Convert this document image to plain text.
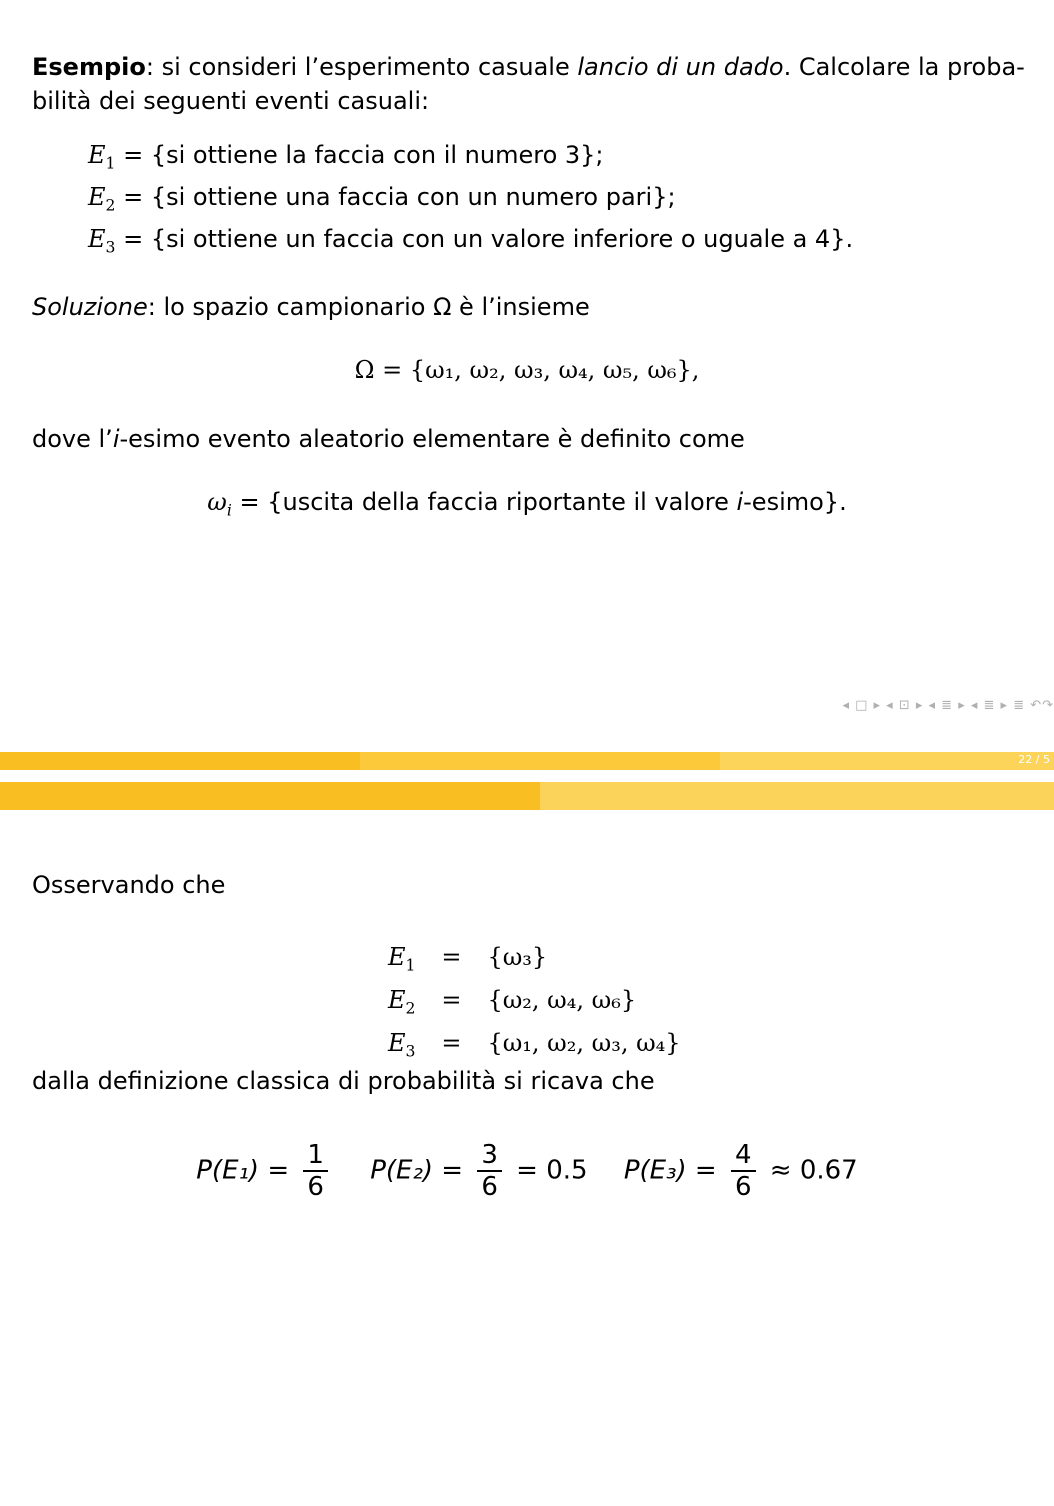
Esempio: si consideri l’esperimento casuale lancio di un dado. Calcolare la proba-
bilità dei seguenti eventi casuali:
$E_1 = \{si$ ottiene la faccia con il numero 3};
$E_2 = \{si$ ottiene una faccia con un numero pari};
$E_3 = \{si$ ottiene un faccia con un valore inferiore o uguale a 4}.
Soluzione: lo spazio campionario Ω è l’insieme
Ω = {ω₁, ω₂, ω₃, ω₄, ω₅, ω₆},
dove l’i-esimo evento aleatorio elementare è definito come
$\omega_i$ = {uscita della faccia riportante il valore i-esimo}.
◂ □ ▸ ◂ ⊡ ▸ ◂ ≣ ▸ ◂ ≣ ▸ ≣ ↶↷
22 / 5
Osservando che
$E_1$	=	{ω₃}
$E_2$	=	{ω₂, ω₄, ω₆}
$E_3$	=	{ω₁, ω₂, ω₃, ω₄}
dalla definizione classica di probabilità si ricava che
$P(E_1) = \frac{1}{6} P(E_2) = \frac{3}{6} = 0.5$ $P(E_3) = \frac{4}{6} \approx 0.67$
